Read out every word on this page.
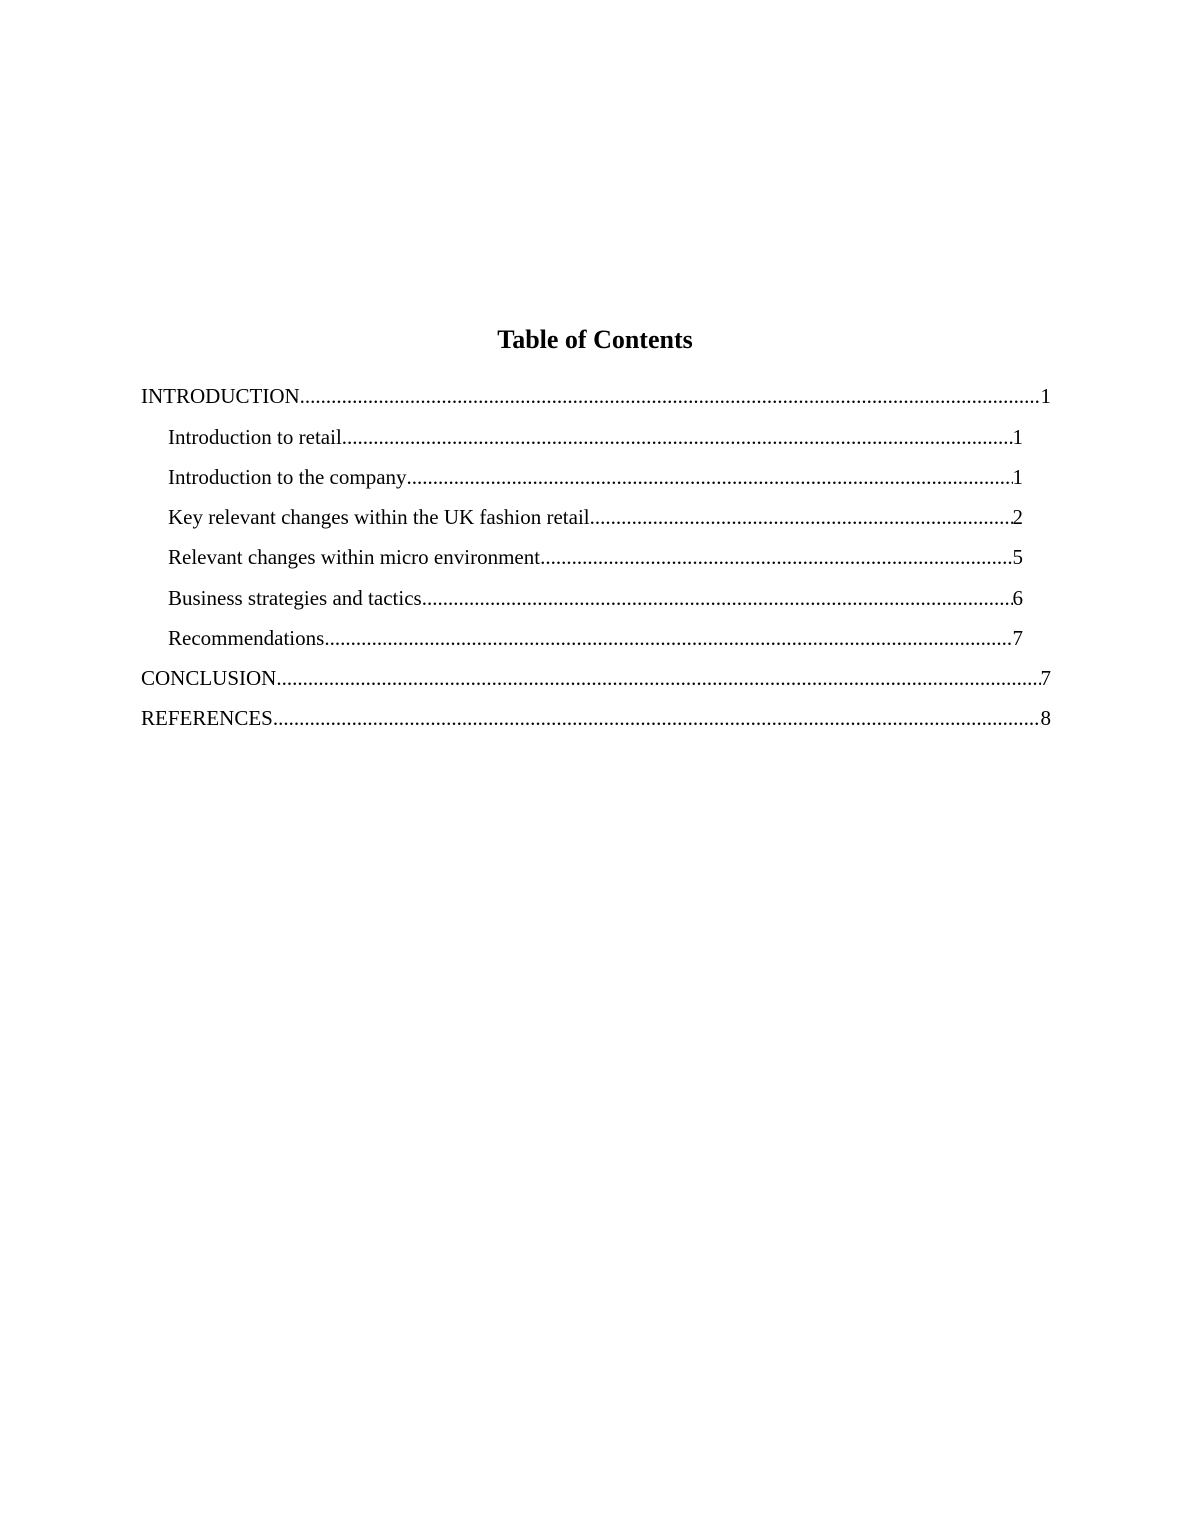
Table of Contents
INTRODUCTION .....	1
Introduction to retail. .....	1
Introduction to the company .....	1
Key relevant changes within the UK fashion retail .....	2
Relevant changes within micro environment .....	5
Business strategies and tactics .....	6
Recommendations .....	7
CONCLUSION .....	7
REFERENCES .....	8
